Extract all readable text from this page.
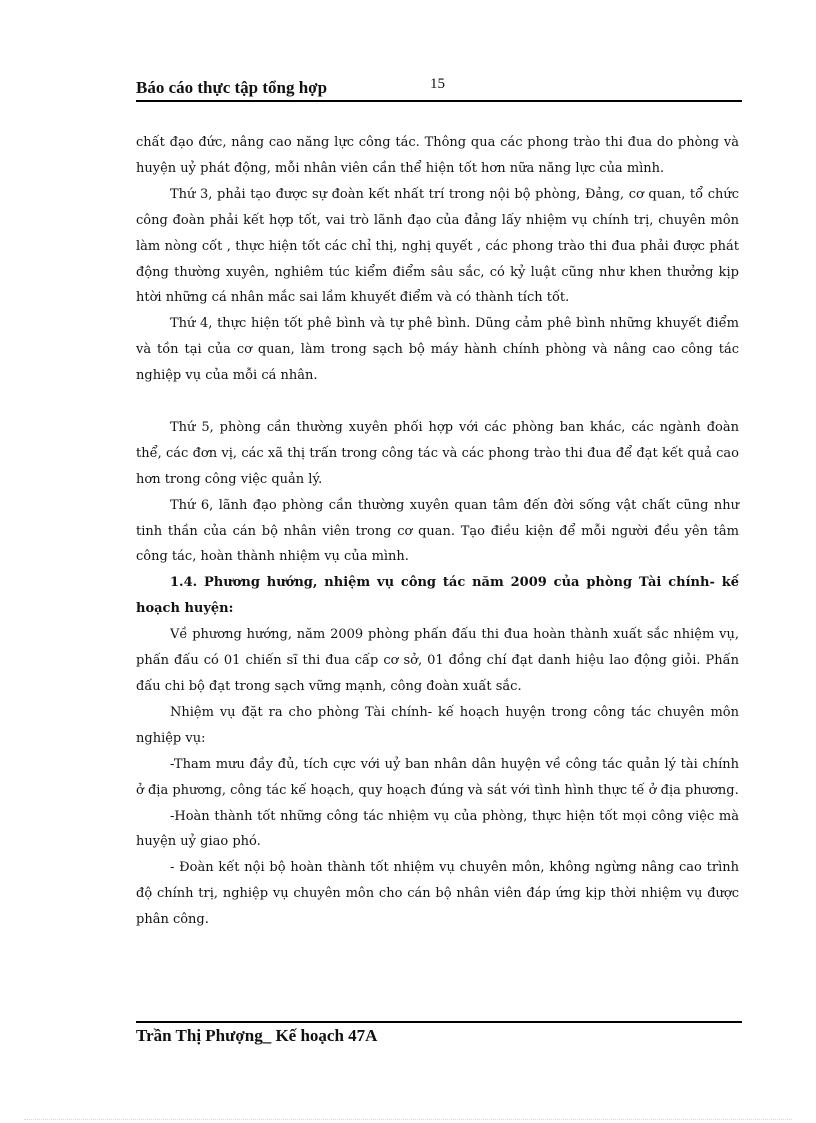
Báo cáo thực tập tổng hợp	15

chất đạo đức, nâng cao năng lực công tác. Thông qua các phong trào thi đua do phòng và huyện uỷ phát động, mỗi nhân viên cần thể hiện tốt hơn nữa năng lực của mình.

Thứ 3, phải tạo được sự đoàn kết nhất trí trong nội bộ phòng, Đảng, cơ quan, tổ chức công đoàn phải kết hợp tốt, vai trò lãnh đạo của đảng lấy nhiệm vụ chính trị, chuyên môn làm nòng cốt , thực hiện tốt các chỉ thị, nghị quyết , các phong trào thi đua phải được phát động thường xuyên, nghiêm túc kiểm điểm sâu sắc, có kỷ luật cũng như khen thưởng kịp htời những cá nhân mắc sai lầm khuyết điểm và có thành tích tốt.

Thứ 4, thực hiện tốt phê bình và tự phê bình. Dũng cảm phê bình những khuyết điểm và tồn tại của cơ quan, làm trong sạch bộ máy hành chính phòng và nâng cao công tác nghiệp vụ của mỗi cá nhân.

Thứ 5, phòng cần thường xuyên phối hợp với các phòng ban khác, các ngành đoàn thể, các đơn vị, các xã thị trấn trong công tác và các phong trào thi đua để đạt kết quả cao hơn trong công việc quản lý.

Thứ 6, lãnh đạo phòng cần thường xuyên quan tâm đến đời sống vật chất cũng như tinh thần của cán bộ nhân viên trong cơ quan. Tạo điều kiện để mỗi người đều yên tâm công tác, hoàn thành nhiệm vụ của mình.

1.4. Phương hướng, nhiệm vụ công tác năm 2009 của phòng Tài chính- kế hoạch huyện:

Về phương hướng, năm 2009 phòng phấn đấu thi đua hoàn thành xuất sắc nhiệm vụ, phấn đấu có 01 chiến sĩ thi đua cấp cơ sở, 01 đồng chí đạt danh hiệu lao động giỏi. Phấn đấu chi bộ đạt trong sạch vững mạnh, công đoàn xuất sắc.

Nhiệm vụ đặt ra cho phòng Tài chính- kế hoạch huyện trong công tác chuyên môn nghiệp vụ:

-Tham mưu đầy đủ, tích cực với uỷ ban nhân dân huyện về công tác quản lý tài chính ở địa phương, công tác kế hoạch, quy hoạch đúng và sát với tình hình thực tế ở địa phương.

-Hoàn thành tốt những công tác nhiệm vụ của phòng, thực hiện tốt mọi công việc mà huyện uỷ giao phó.

- Đoàn kết nội bộ hoàn thành tốt nhiệm vụ chuyên môn, không ngừng nâng cao trình độ chính trị, nghiệp vụ chuyên môn cho cán bộ nhân viên đáp ứng kịp thời nhiệm vụ được phân công.

Trần Thị Phượng_ Kế hoạch 47A
